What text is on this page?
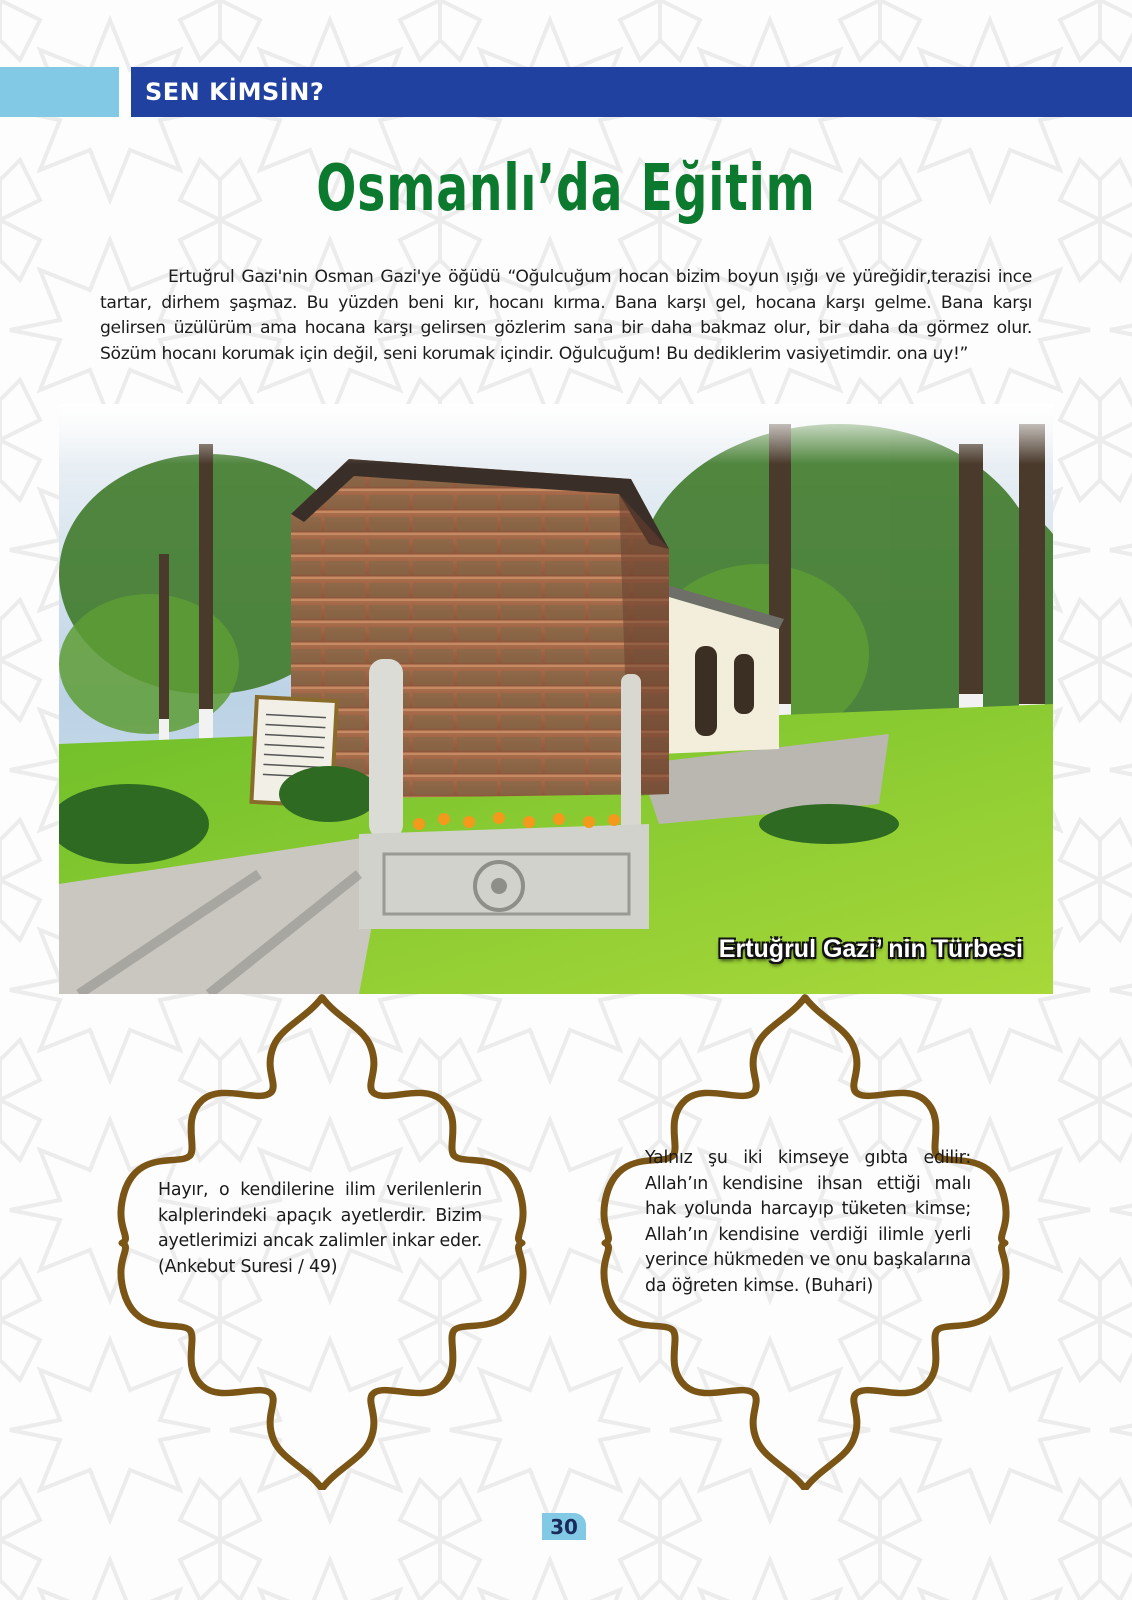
SEN KİMSİN?
Osmanlı’da Eğitim

Ertuğrul Gazi'nin Osman Gazi'ye öğüdü “Oğulcuğum hocan bizim boyun ışığı ve yüreğidir,terazisi ince tartar, dirhem şaşmaz. Bu yüzden beni kır, hocanı kırma. Bana karşı gel, hocana karşı gelme. Bana karşı gelirsen üzülürüm ama hocana karşı gelirsen gözlerim sana bir daha bakmaz olur, bir daha da görmez olur. Sözüm hocanı korumak için değil, seni korumak içindir. Oğulcuğum! Bu dediklerim vasiyetimdir. ona uy!”

Ertuğrul Gazi’ nin Türbesi

Hayır, o kendilerine ilim verilenlerin kalplerindeki apaçık ayetlerdir. Bizim ayetlerimizi ancak zalimler inkar eder. (Ankebut Suresi / 49)

Yalnız şu iki kimseye gıbta edilir: Allah’ın kendisine ihsan ettiği malı hak yolunda harcayıp tüketen kimse; Allah’ın kendisine verdiği ilimle yerli yerince hükmeden ve onu başkalarına da öğreten kimse. (Buhari)

30
